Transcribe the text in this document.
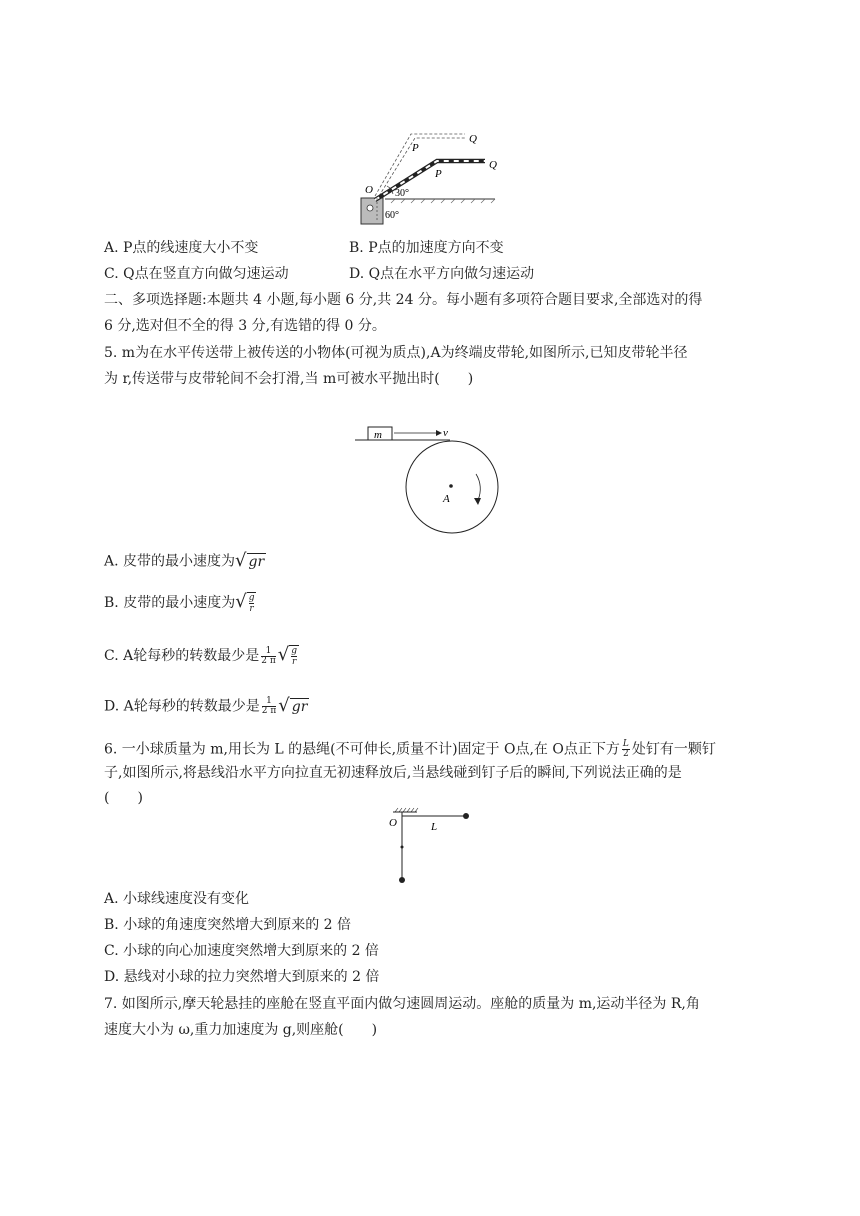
Q
P
Q
P
O 30°
60°
A. P点的线速度大小不变	B. P点的加速度方向不变
C. Q点在竖直方向做匀速运动	D. Q点在水平方向做匀速运动
二、多项选择题:本题共 4 小题,每小题 6 分,共 24 分。每小题有多项符合题目要求,全部选对的得
6 分,选对但不全的得 3 分,有选错的得 0 分。
5. m为在水平传送带上被传送的小物体(可视为质点),A为终端皮带轮,如图所示,已知皮带轮半径
为 r,传送带与皮带轮间不会打滑,当 m可被水平抛出时(　　)
m	v
A
A. 皮带的最小速度为√ gr
B. 皮带的最小速度为√ $\frac{g}{r}$
C. A轮每秒的转数最少是 $\frac{1}{2 \pi}$ √ $\frac{g}{r}$
D. A轮每秒的转数最少是 $\frac{1}{2 \pi}$ √ gr
6. 一小球质量为 m,用长为 L 的悬绳(不可伸长,质量不计)固定于 O点,在 O点正下方 $\frac{L}{2}$ 处钉有一颗钉
子,如图所示,将悬线沿水平方向拉直无初速释放后,当悬线碰到钉子后的瞬间,下列说法正确的是
(　　)
O	L
A. 小球线速度没有变化
B. 小球的角速度突然增大到原来的 2 倍
C. 小球的向心加速度突然增大到原来的 2 倍
D. 悬线对小球的拉力突然增大到原来的 2 倍
7. 如图所示,摩天轮悬挂的座舱在竖直平面内做匀速圆周运动。座舱的质量为 m,运动半径为 R,角
速度大小为 ω,重力加速度为 g,则座舱(　　)
